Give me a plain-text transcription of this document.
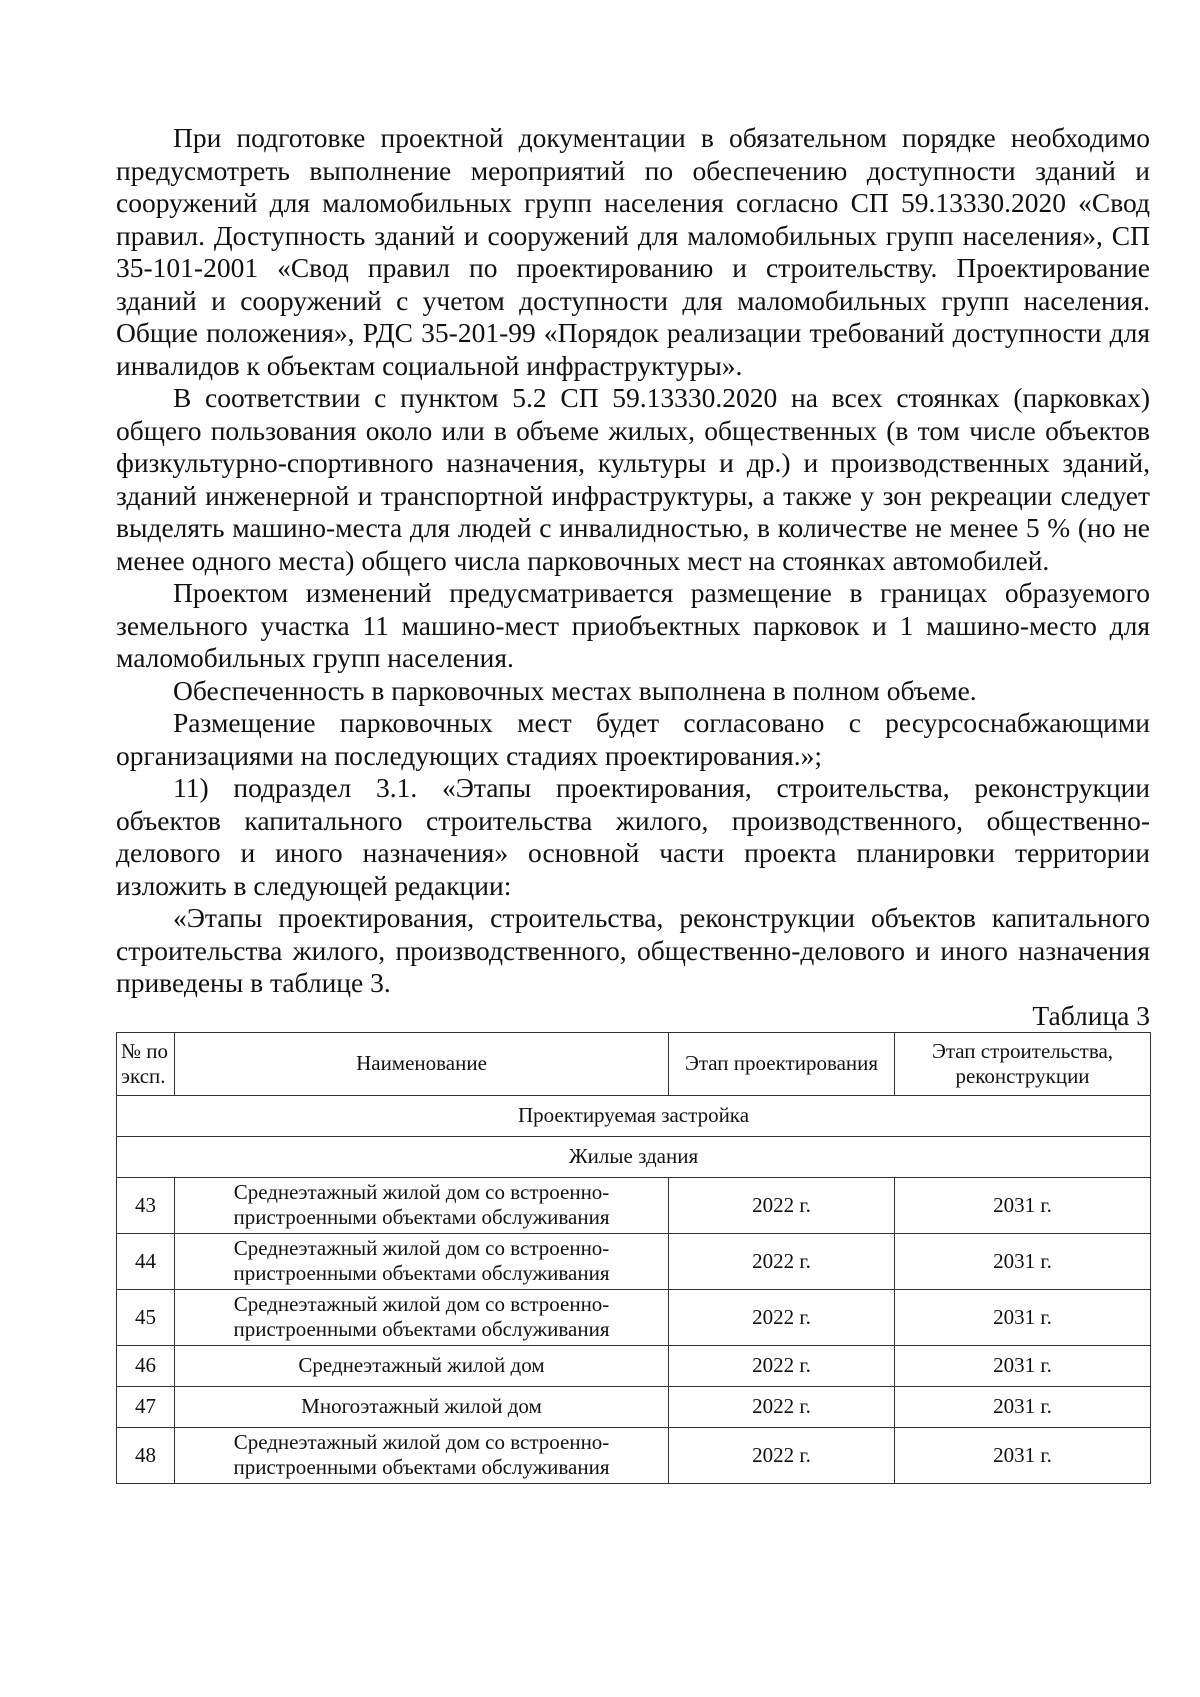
При подготовке проектной документации в обязательном порядке необходимо предусмотреть выполнение мероприятий по обеспечению доступности зданий и сооружений для маломобильных групп населения согласно СП 59.13330.2020 «Свод правил. Доступность зданий и сооружений для маломобильных групп населения», СП 35-101-2001 «Свод правил по проектированию и строительству. Проектирование зданий и сооружений с учетом доступности для маломобильных групп населения. Общие положения», РДС 35-201-99 «Порядок реализации требований доступности для инвалидов к объектам социальной инфраструктуры».

В соответствии с пунктом 5.2 СП 59.13330.2020 на всех стоянках (парковках) общего пользования около или в объеме жилых, общественных (в том числе объектов физкультурно-спортивного назначения, культуры и др.) и производственных зданий, зданий инженерной и транспортной инфраструктуры, а также у зон рекреации следует выделять машино-места для людей с инвалидностью, в количестве не менее 5 % (но не менее одного места) общего числа парковочных мест на стоянках автомобилей.

Проектом изменений предусматривается размещение в границах образуемого земельного участка 11 машино-мест приобъектных парковок и 1 машино-место для маломобильных групп населения.

Обеспеченность в парковочных местах выполнена в полном объеме.

Размещение парковочных мест будет согласовано с ресурсоснабжающими организациями на последующих стадиях проектирования.»;

11) подраздел 3.1. «Этапы проектирования, строительства, реконструкции объектов капитального строительства жилого, производственного, общественно-делового и иного назначения» основной части проекта планировки территории изложить в следующей редакции:

«Этапы проектирования, строительства, реконструкции объектов капитального строительства жилого, производственного, общественно-делового и иного назначения приведены в таблице 3.

Таблица 3

№ по эксп.	Наименование	Этап проектирования	Этап строительства, реконструкции
Проектируемая застройка			
Жилые здания			
43	Среднеэтажный жилой дом со встроенно-пристроенными объектами обслуживания	2022 г.	2031 г.
44	Среднеэтажный жилой дом со встроенно-пристроенными объектами обслуживания	2022 г.	2031 г.
45	Среднеэтажный жилой дом со встроенно-пристроенными объектами обслуживания	2022 г.	2031 г.
46	Среднеэтажный жилой дом	2022 г.	2031 г.
47	Многоэтажный жилой дом	2022 г.	2031 г.
48	Среднеэтажный жилой дом со встроенно-пристроенными объектами обслуживания	2022 г.	2031 г.
